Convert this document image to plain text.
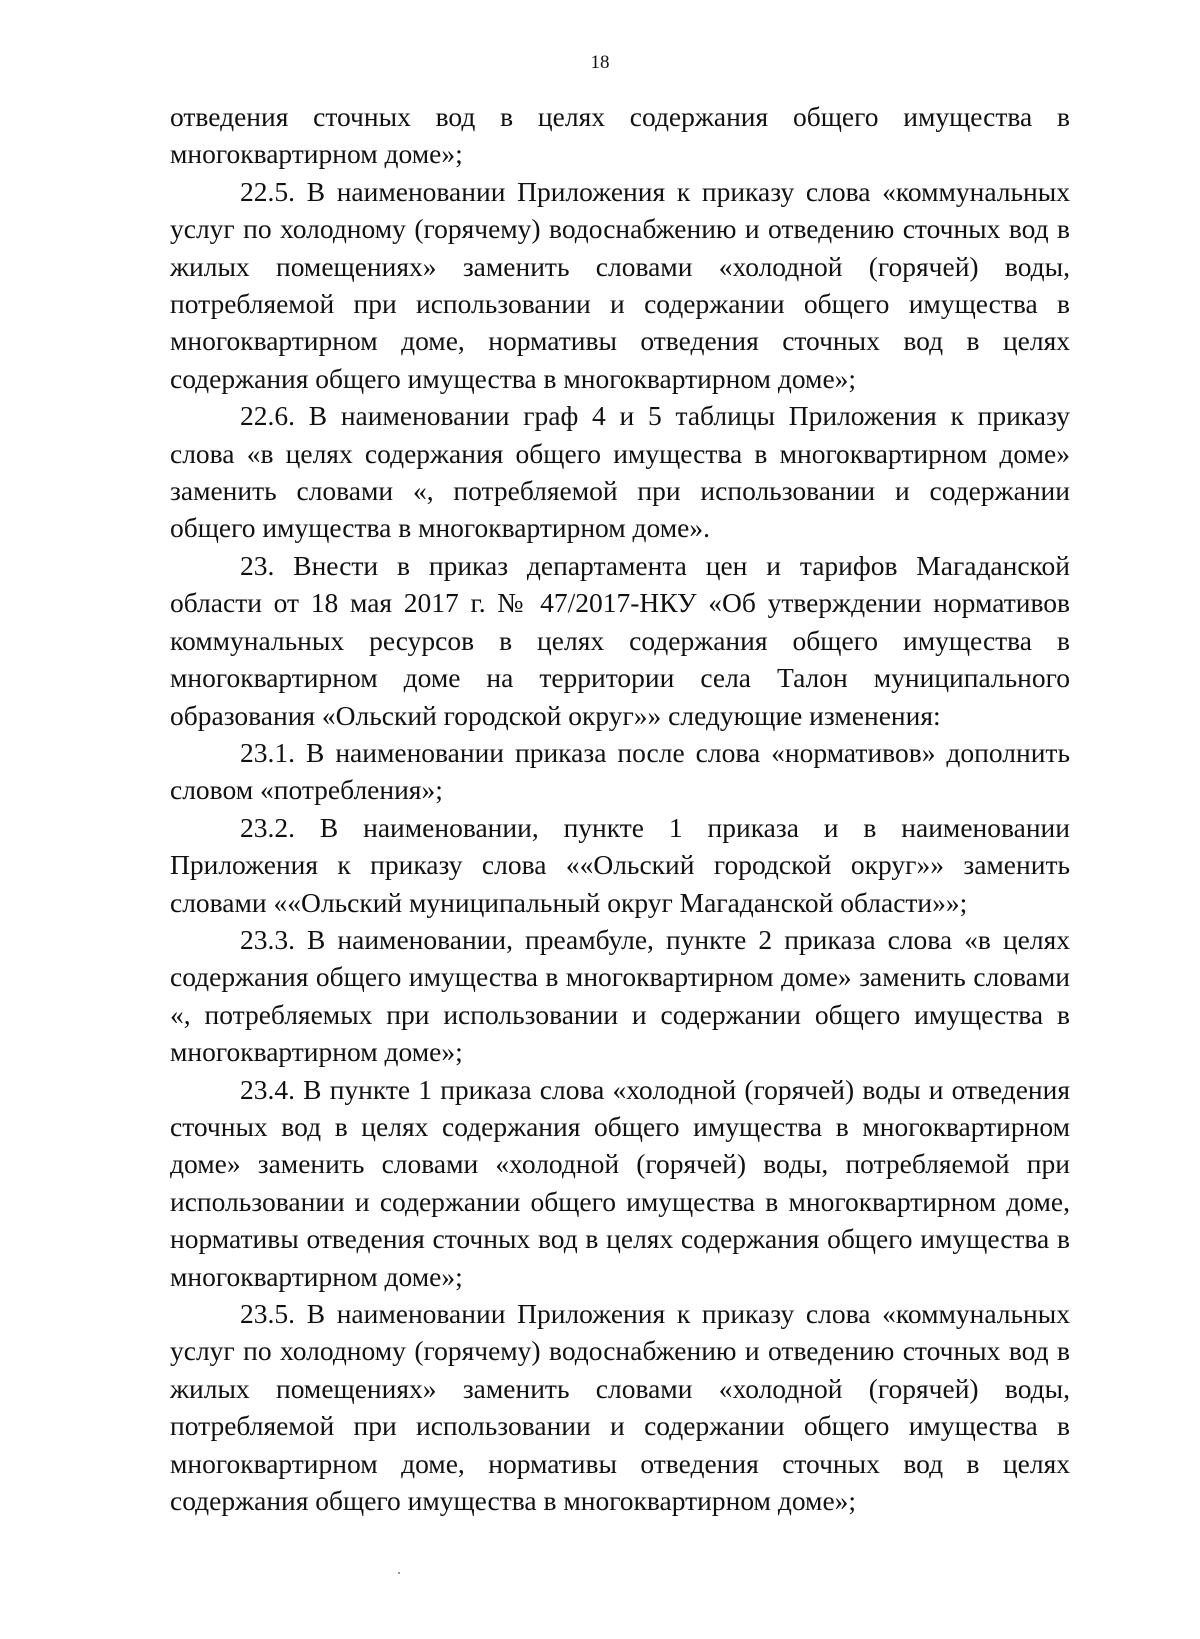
18

отведения сточных вод в целях содержания общего имущества в многоквартирном доме»;

22.5. В наименовании Приложения к приказу слова «коммунальных услуг по холодному (горячему) водоснабжению и отведению сточных вод в жилых помещениях» заменить словами «холодной (горячей) воды, потребляемой при использовании и содержании общего имущества в многоквартирном доме, нормативы отведения сточных вод в целях содержания общего имущества в многоквартирном доме»;

22.6. В наименовании граф 4 и 5 таблицы Приложения к приказу слова «в целях содержания общего имущества в многоквартирном доме» заменить словами «, потребляемой при использовании и содержании общего имущества в многоквартирном доме».

23. Внести в приказ департамента цен и тарифов Магаданской области от 18 мая 2017 г. № 47/2017-НКУ «Об утверждении нормативов коммунальных ресурсов в целях содержания общего имущества в многоквартирном доме на территории села Талон муниципального образования «Ольский городской округ»» следующие изменения:

23.1. В наименовании приказа после слова «нормативов» дополнить словом «потребления»;

23.2. В наименовании, пункте 1 приказа и в наименовании Приложения к приказу слова ««Ольский городской округ»» заменить словами ««Ольский муниципальный округ Магаданской области»»;

23.3. В наименовании, преамбуле, пункте 2 приказа слова «в целях содержания общего имущества в многоквартирном доме» заменить словами «, потребляемых при использовании и содержании общего имущества в многоквартирном доме»;

23.4. В пункте 1 приказа слова «холодной (горячей) воды и отведения сточных вод в целях содержания общего имущества в многоквартирном доме» заменить словами «холодной (горячей) воды, потребляемой при использовании и содержании общего имущества в многоквартирном доме, нормативы отведения сточных вод в целях содержания общего имущества в многоквартирном доме»;

23.5. В наименовании Приложения к приказу слова «коммунальных услуг по холодному (горячему) водоснабжению и отведению сточных вод в жилых помещениях» заменить словами «холодной (горячей) воды, потребляемой при использовании и содержании общего имущества в многоквартирном доме, нормативы отведения сточных вод в целях содержания общего имущества в многоквартирном доме»;
